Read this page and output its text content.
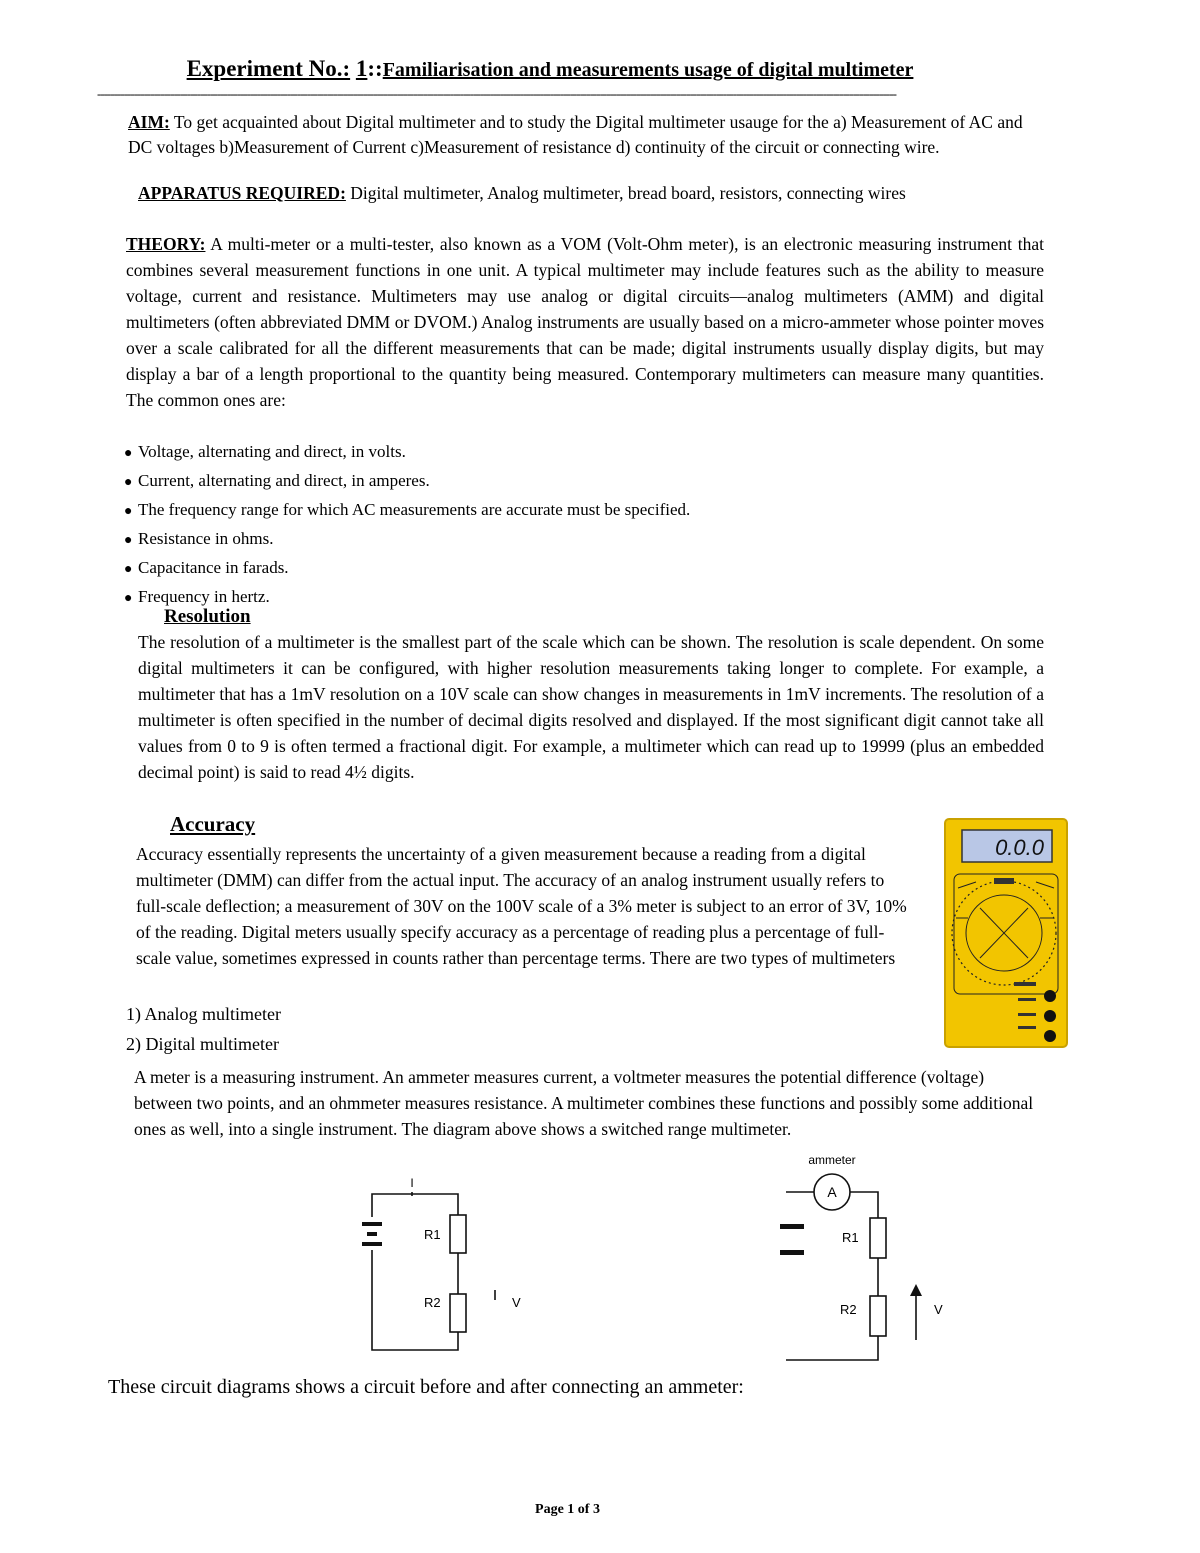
Experiment No.: 1::Familiarisation and measurements usage of digital multimeter
-----
AIM: To get acquainted about Digital multimeter and to study the Digital multimeter usauge for the a) Measurement of AC and DC voltages b)Measurement of Current c)Measurement of resistance d) continuity of the circuit or connecting wire.
APPARATUS REQUIRED: Digital multimeter, Analog multimeter, bread board, resistors, connecting wires
THEORY: A multi-meter or a multi-tester, also known as a VOM (Volt-Ohm meter), is an electronic measuring instrument that combines several measurement functions in one unit. A typical multimeter may include features such as the ability to measure voltage, current and resistance. Multimeters may use analog or digital circuits—analog multimeters (AMM) and digital multimeters (often abbreviated DMM or DVOM.) Analog instruments are usually based on a micro-ammeter whose pointer moves over a scale calibrated for all the different measurements that can be made; digital instruments usually display digits, but may display a bar of a length proportional to the quantity being measured. Contemporary multimeters can measure many quantities. The common ones are:
● Voltage, alternating and direct, in volts.
● Current, alternating and direct, in amperes.
● The frequency range for which AC measurements are accurate must be specified.
● Resistance in ohms.
● Capacitance in farads.
● Frequency in hertz.
Resolution
The resolution of a multimeter is the smallest part of the scale which can be shown. The resolution is scale dependent. On some digital multimeters it can be configured, with higher resolution measurements taking longer to complete. For example, a multimeter that has a 1mV resolution on a 10V scale can show changes in measurements in 1mV increments. The resolution of a multimeter is often specified in the number of decimal digits resolved and displayed. If the most significant digit cannot take all values from 0 to 9 is often termed a fractional digit. For example, a multimeter which can read up to 19999 (plus an embedded decimal point) is said to read 4½ digits.
Accuracy
Accuracy essentially represents the uncertainty of a given measurement because a reading from a digital multimeter (DMM) can differ from the actual input. The accuracy of an analog instrument usually refers to full-scale deflection; a measurement of 30V on the 100V scale of a 3% meter is subject to an error of 3V, 10% of the reading. Digital meters usually specify accuracy as a percentage of reading plus a percentage of full-scale value, sometimes expressed in counts rather than percentage terms. There are two types of multimeters
1) Analog multimeter
2) Digital multimeter
0.0.0
A meter is a measuring instrument. An ammeter measures current, a voltmeter measures the potential difference (voltage) between two points, and an ohmmeter measures resistance. A multimeter combines these functions and possibly some additional ones as well, into a single instrument. The diagram above shows a switched range multimeter.
I
R1
R2	V
ammeter
A
R1
R2	V
These circuit diagrams shows a circuit before and after connecting an ammeter:
Page 1 of 3
